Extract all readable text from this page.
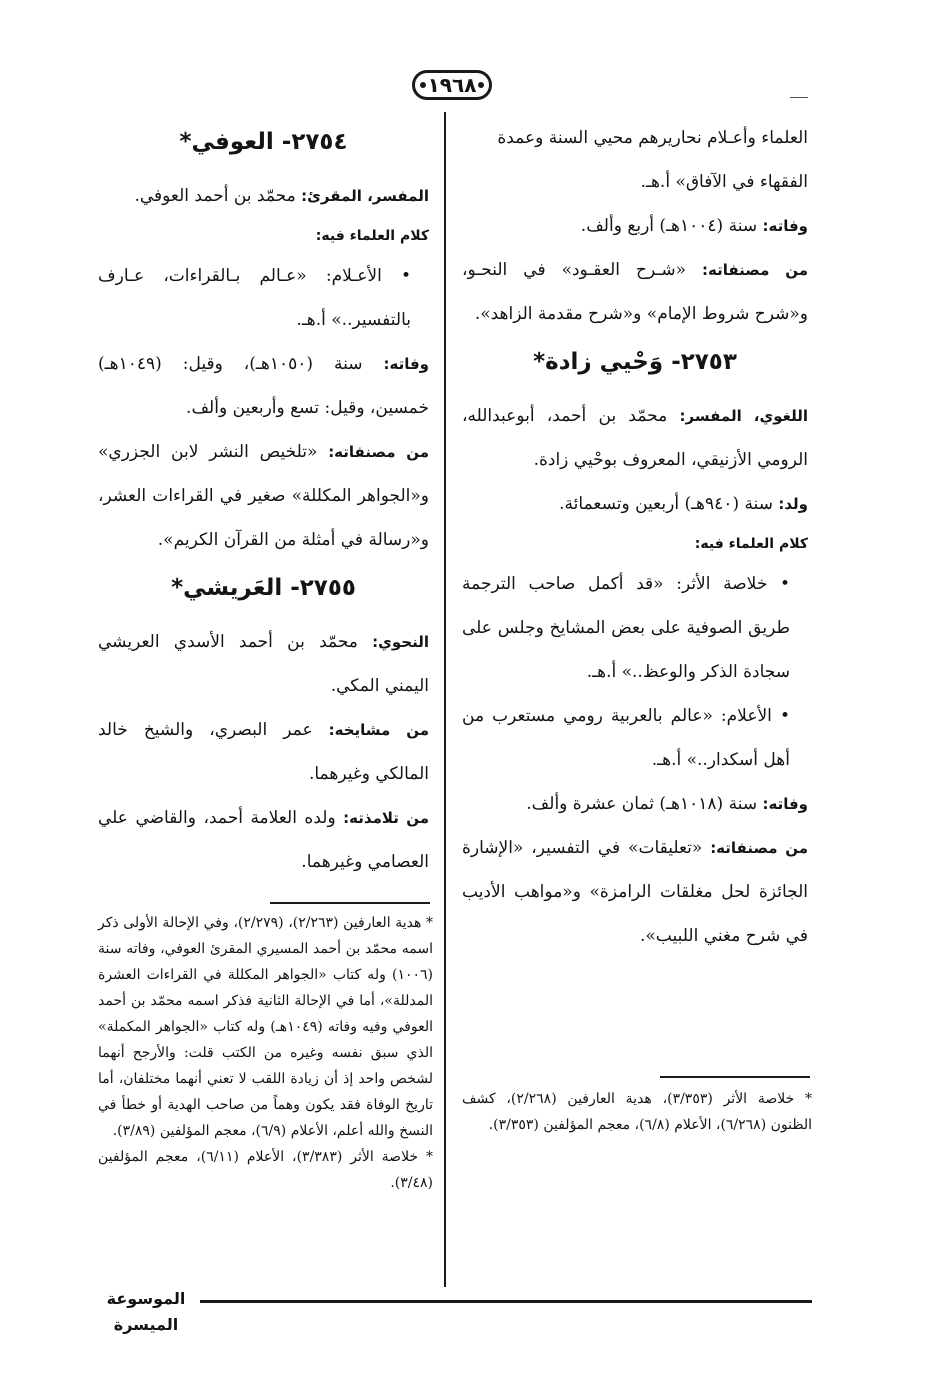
١٩٦٨

العلماء وأعـلام نحاريرهم محيي السنة وعمدة

الفقهاء في الآفاق» أ.هـ.

وفاته: سنة (١٠٠٤هـ) أربع وألف.

من مصنفاته: «شـرح العقـود» في النحـو، و«شرح شروط الإمام» و«شرح مقدمة الزاهد».

٢٧٥٣- وَحْيي زادة*

اللغوي، المفسر: محمّد بن أحمد، أبوعبدالله، الرومي الأزنيقي، المعروف بوحْيي زادة.

ولد: سنة (٩٤٠هـ) أربعين وتسعمائة.

كلام العلماء فيه:

• خلاصة الأثر: «قد أكمل صاحب الترجمة طريق الصوفية على بعض المشايخ وجلس على سجادة الذكر والوعظ..» أ.هـ.

• الأعلام: «عالم بالعربية رومي مستعرب من أهل أسكدار..» أ.هـ.

وفاته: سنة (١٠١٨هـ) ثمان عشرة وألف.

من مصنفاته: «تعليقات» في التفسير، «الإشارة الجائزة لحل مغلقات الرامزة» و«مواهب الأديب في شرح مغني اللبيب».

٢٧٥٤- العوفي*

المفسر، المقرئ: محمّد بن أحمد العوفي.

كلام العلماء فيه:

• الأعـلام: «عـالم بـالقراءات، عـارف بالتفسير..» أ.هـ.

وفاته: سنة (١٠٥٠هـ)، وقيل: (١٠٤٩هـ) خمسين، وقيل: تسع وأربعين وألف.

من مصنفاته: «تلخيص النشر لابن الجزري» و«الجواهر المكللة» صغير في القراءات العشر، و«رسالة في أمثلة من القرآن الكريم».

٢٧٥٥- العَريشي*

النحوي: محمّد بن أحمد الأسدي العريشي اليمني المكي.

من مشايخه: عمر البصري، والشيخ خالد المالكي وغيرهما.

من تلامذته: ولده العلامة أحمد، والقاضي علي العصامي وغيرهما.

* هدية العارفين (٢/٢٦٣)، (٢/٢٧٩)، وفي الإحالة الأولى ذكر اسمه محمّد بن أحمد المسيري المقرئ العوفي، وفاته سنة (١٠٠٦) وله كتاب «الجواهر المكللة في القراءات العشرة المدللة»، أما في الإحالة الثانية فذكر اسمه محمّد بن أحمد العوفي وفيه وفاته (١٠٤٩هـ) وله كتاب «الجواهر المكملة» الذي سبق نفسه وغيره من الكتب قلت: والأرجح أنهما لشخص واحد إذ أن زيادة اللقب لا تعني أنهما مختلفان، أما تاريخ الوفاة فقد يكون وهماً من صاحب الهدية أو خطأ في النسخ والله أعلم، الأعلام (٦/٩)، معجم المؤلفين (٣/٨٩).

* خلاصة الأثر (٣/٣٨٣)، الأعلام (٦/١١)، معجم المؤلفين (٣/٤٨).

* خلاصة الأثر (٣/٣٥٣)، هدية العارفين (٢/٢٦٨)، كشف الظنون (٦/٢٦٨)، الأعلام (٦/٨)، معجم المؤلفين (٣/٣٥٣).

الموسوعة الميسرة
